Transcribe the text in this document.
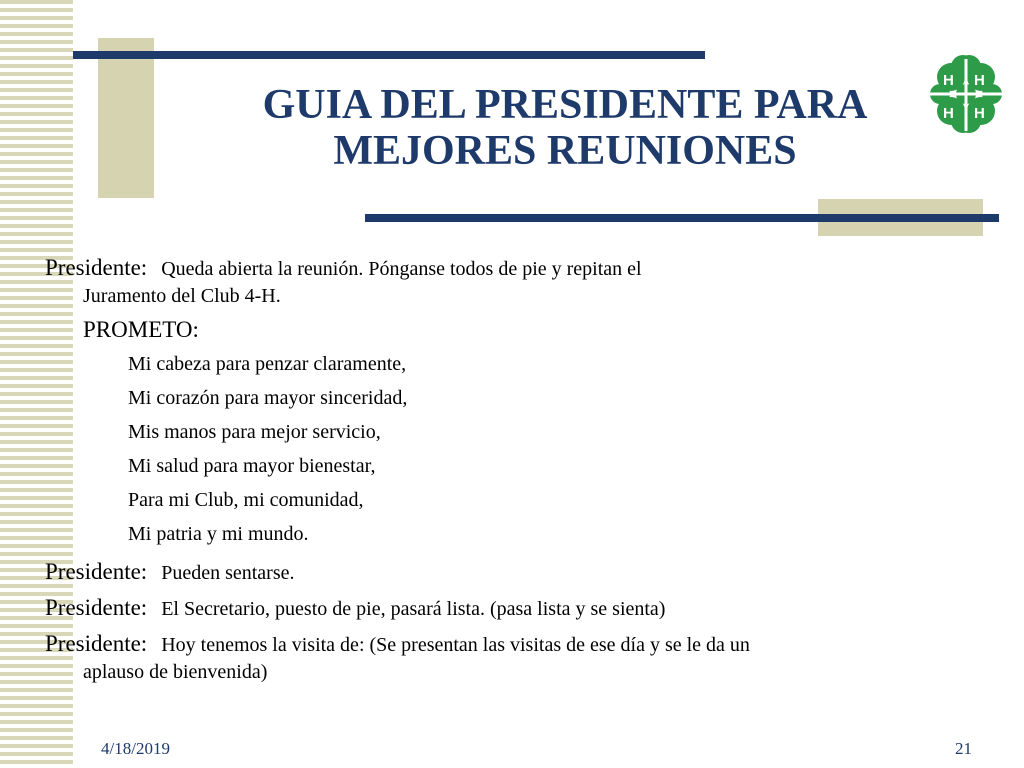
GUIA DEL PRESIDENTE PARA
MEJORES REUNIONES
H H
H H
Presidente: Queda abierta la reunión. Pónganse todos de pie y repitan el
Juramento del Club 4-H.
PROMETO:
Mi cabeza para penzar claramente,
Mi corazón para mayor sinceridad,
Mis manos para mejor servicio,
Mi salud para mayor bienestar,
Para mi Club, mi comunidad,
Mi patria y mi mundo.
Presidente: Pueden sentarse.
Presidente: El Secretario, puesto de pie, pasará lista. (pasa lista y se sienta)
Presidente: Hoy tenemos la visita de: (Se presentan las visitas de ese día y se le da un
aplauso de bienvenida)
4/18/2019	21
